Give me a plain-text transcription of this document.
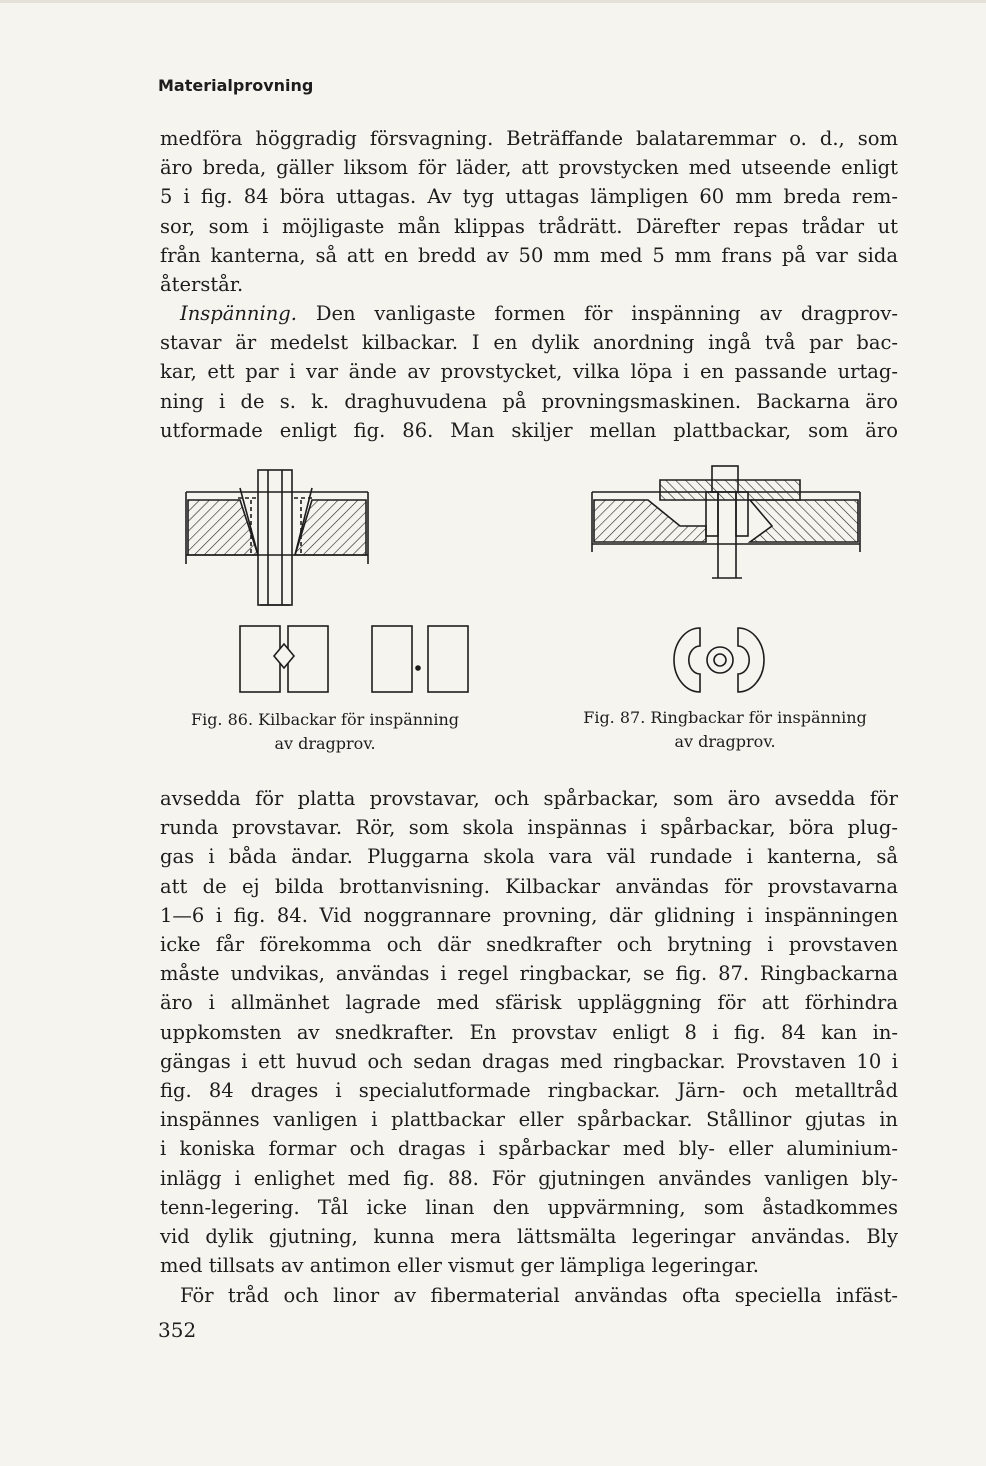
Materialprovning
medföra höggradig försvagning. Beträffande balataremmar o. d., som
äro breda, gäller liksom för läder, att provstycken med utseende enligt
5 i fig. 84 böra uttagas. Av tyg uttagas lämpligen 60 mm breda rem-
sor, som i möjligaste mån klippas trådrätt. Därefter repas trådar ut
från kanterna, så att en bredd av 50 mm med 5 mm frans på var sida
återstår.
Inspänning. Den vanligaste formen för inspänning av dragprov-
stavar är medelst kilbackar. I en dylik anordning ingå två par bac-
kar, ett par i var ände av provstycket, vilka löpa i en passande urtag-
ning i de s. k. draghuvudena på provningsmaskinen. Backarna äro
utformade enligt fig. 86. Man skiljer mellan plattbackar, som äro
Fig. 86. Kilbackar för inspänning
av dragprov.
Fig. 87. Ringbackar för inspänning
av dragprov.
avsedda för platta provstavar, och spårbackar, som äro avsedda för
runda provstavar. Rör, som skola inspännas i spårbackar, böra plug-
gas i båda ändar. Pluggarna skola vara väl rundade i kanterna, så
att de ej bilda brottanvisning. Kilbackar användas för provstavarna
1—6 i fig. 84. Vid noggrannare provning, där glidning i inspänningen
icke får förekomma och där snedkrafter och brytning i provstaven
måste undvikas, användas i regel ringbackar, se fig. 87. Ringbackarna
äro i allmänhet lagrade med sfärisk uppläggning för att förhindra
uppkomsten av snedkrafter. En provstav enligt 8 i fig. 84 kan in-
gängas i ett huvud och sedan dragas med ringbackar. Provstaven 10 i
fig. 84 drages i specialutformade ringbackar. Järn- och metalltråd
inspännes vanligen i plattbackar eller spårbackar. Stållinor gjutas in
i koniska formar och dragas i spårbackar med bly- eller aluminium-
inlägg i enlighet med fig. 88. För gjutningen användes vanligen bly-
tenn-legering. Tål icke linan den uppvärmning, som åstadkommes
vid dylik gjutning, kunna mera lättsmälta legeringar användas. Bly
med tillsats av antimon eller vismut ger lämpliga legeringar.
För tråd och linor av fibermaterial användas ofta speciella infäst-
352
